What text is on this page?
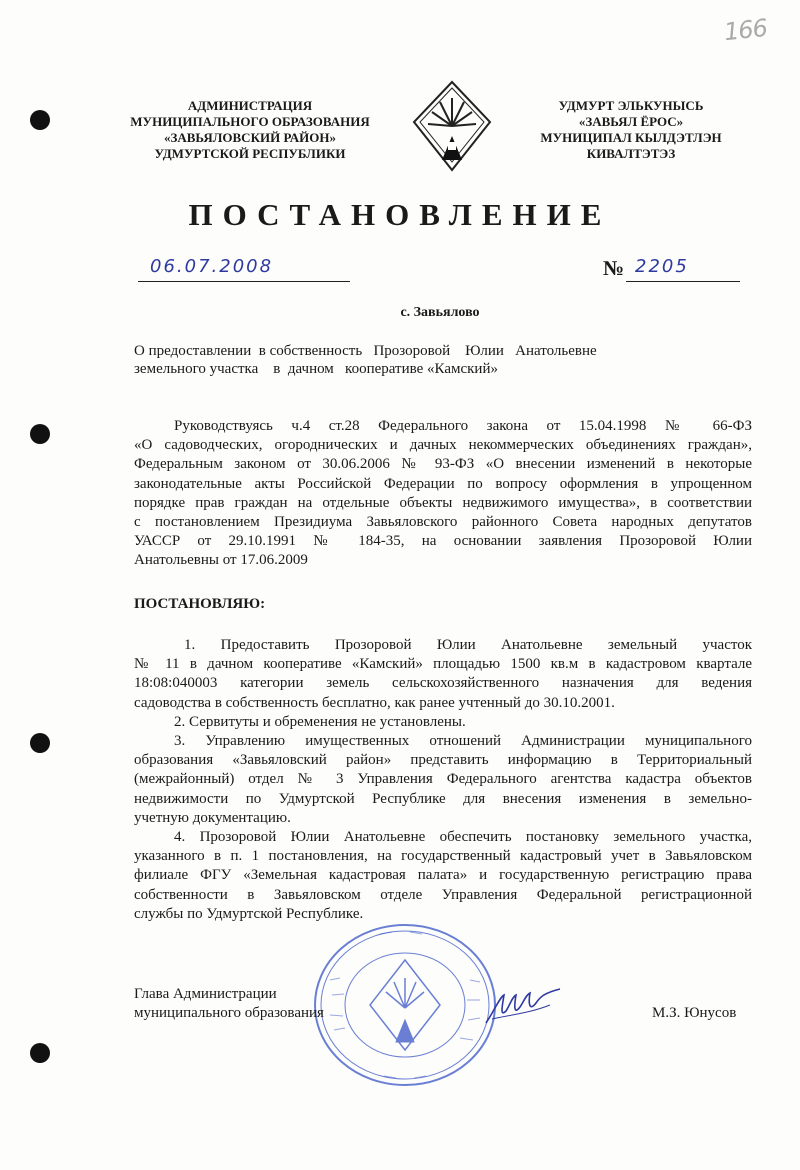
166
АДМИНИСТРАЦИЯ
МУНИЦИПАЛЬНОГО ОБРАЗОВАНИЯ
«ЗАВЬЯЛОВСКИЙ РАЙОН»
УДМУРТСКОЙ РЕСПУБЛИКИ
УДМУРТ ЭЛЬКУНЫСЬ
«ЗАВЬЯЛ ЁРОС»
МУНИЦИПАЛ КЫЛДЭТЛЭН
КИВАЛТЭТЭЗ
ПОСТАНОВЛЕНИЕ
06.07.2008	№ 2205
с. Завьялово
О предоставлении  в собственность   Прозоровой    Юлии   Анатольевне
земельного участка    в  дачном   кооперативе «Камский»
Руководствуясь ч.4 ст.28 Федерального закона от 15.04.1998 № 66-ФЗ
«О садоводческих, огороднических и дачных некоммерческих объединениях граждан»,
Федеральным законом от 30.06.2006 № 93-ФЗ «О внесении изменений в некоторые
законодательные акты Российской Федерации по вопросу оформления в упрощенном
порядке прав граждан на отдельные объекты недвижимого имущества», в соответствии
с постановлением Президиума Завьяловского районного Совета народных депутатов
УАССР от 29.10.1991 № 184-35, на основании заявления Прозоровой Юлии
Анатольевны от 17.06.2009
ПОСТАНОВЛЯЮ:
1. Предоставить Прозоровой Юлии Анатольевне земельный участок
№ 11 в дачном кооперативе «Камский» площадью 1500 кв.м в кадастровом квартале
18:08:040003 категории земель сельскохозяйственного назначения для ведения
садоводства в собственность бесплатно, как ранее учтенный до 30.10.2001.
2. Сервитуты и обременения не установлены.
3. Управлению имущественных отношений Администрации муниципального
образования «Завьяловский район» представить информацию в Территориальный
(межрайонный) отдел № 3 Управления Федерального агентства кадастра объектов
недвижимости по Удмуртской Республике для внесения изменения в земельно-
учетную документацию.
4. Прозоровой Юлии Анатольевне обеспечить постановку земельного участка,
указанного в п. 1 постановления, на государственный кадастровый учет в Завьяловском
филиале ФГУ «Земельная кадастровая палата» и государственную регистрацию права
собственности в Завьяловском отделе Управления Федеральной регистрационной
службы по Удмуртской Республике.
Глава Администрации
муниципального образования	М.З. Юнусов
